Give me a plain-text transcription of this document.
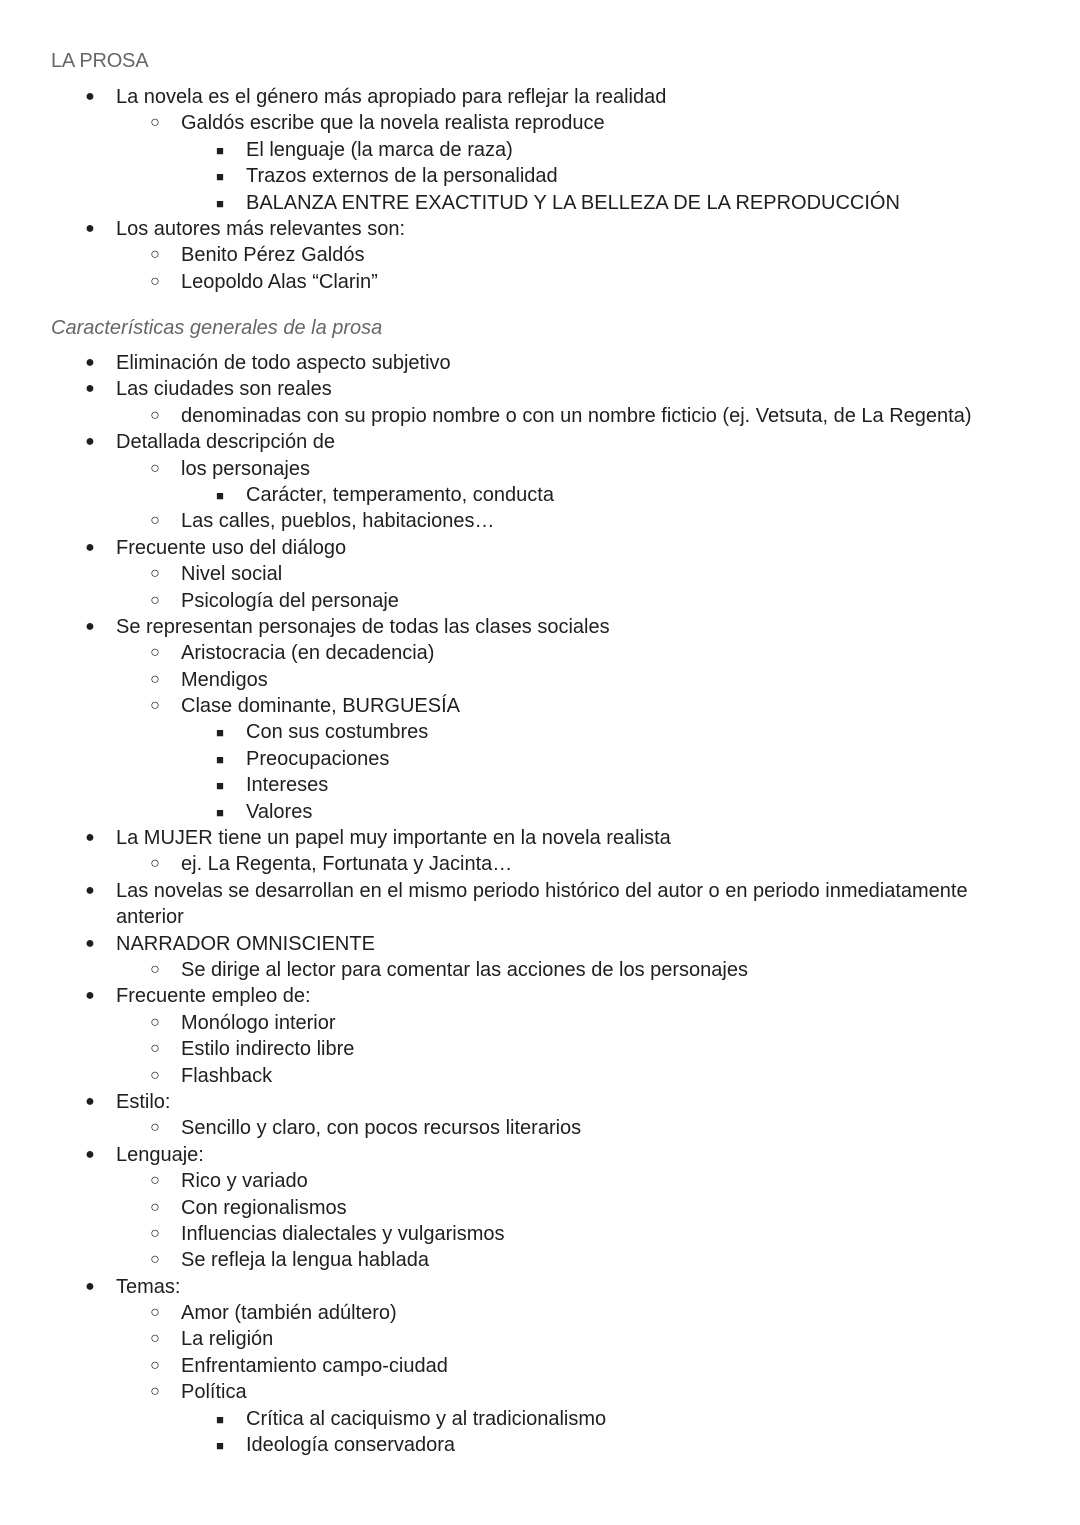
LA PROSA
● La novela es el género más apropiado para reflejar la realidad
○ Galdós escribe que la novela realista reproduce
■	El lenguaje (la marca de raza)
■	Trazos externos de la personalidad
■	BALANZA ENTRE EXACTITUD Y LA BELLEZA DE LA REPRODUCCIÓN
● Los autores más relevantes son:
○ Benito Pérez Galdós
○ Leopoldo Alas “Clarin”
Características generales de la prosa
● Eliminación de todo aspecto subjetivo
● Las ciudades son reales
○ denominadas con su propio nombre o con un nombre ficticio (ej. Vetsuta, de La Regenta)
● Detallada descripción de
○ los personajes
■	Carácter, temperamento, conducta
○ Las calles, pueblos, habitaciones…
● Frecuente uso del diálogo
○ Nivel social
○ Psicología del personaje
● Se representan personajes de todas las clases sociales
○ Aristocracia (en decadencia)
○ Mendigos
○ Clase dominante, BURGUESÍA
■	Con sus costumbres
■	Preocupaciones
■	Intereses
■	Valores
● La MUJER tiene un papel muy importante en la novela realista
○ ej. La Regenta, Fortunata y Jacinta…
● Las novelas se desarrollan en el mismo periodo histórico del autor o en periodo inmediatamente anterior
● NARRADOR OMNISCIENTE
○ Se dirige al lector para comentar las acciones de los personajes
● Frecuente empleo de:
○ Monólogo interior
○ Estilo indirecto libre
○ Flashback
● Estilo:
○ Sencillo y claro, con pocos recursos literarios
● Lenguaje:
○ Rico y variado
○ Con regionalismos
○ Influencias dialectales y vulgarismos
○ Se refleja la lengua hablada
● Temas:
○ Amor (también adúltero)
○ La religión
○ Enfrentamiento campo-ciudad
○ Política
■	Crítica al caciquismo y al tradicionalismo
■	Ideología conservadora
